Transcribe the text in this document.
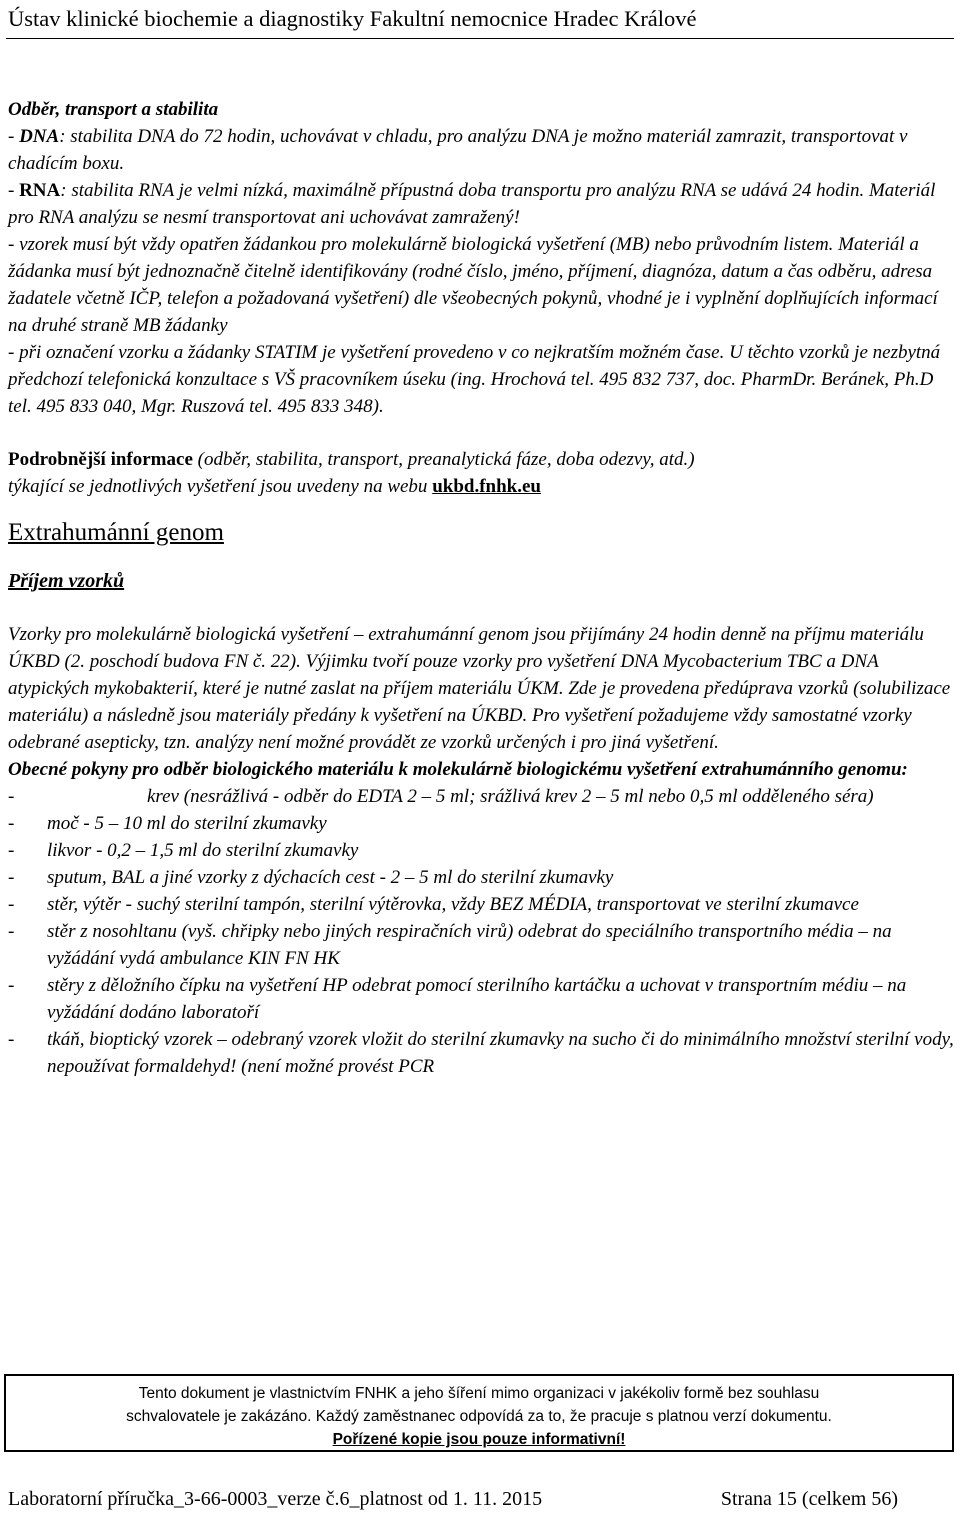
Ústav klinické biochemie a diagnostiky Fakultní nemocnice Hradec Králové

Odběr, transport a stabilita

- DNA: stabilita DNA do 72 hodin, uchovávat v chladu, pro analýzu DNA je možno materiál zamrazit, transportovat v chadícím boxu.

- RNA: stabilita RNA je velmi nízká, maximálně přípustná doba transportu pro analýzu RNA se udává 24 hodin. Materiál pro RNA analýzu se nesmí transportovat ani uchovávat zamražený!

- vzorek musí být vždy opatřen žádankou pro molekulárně biologická vyšetření (MB) nebo průvodním listem. Materiál a žádanka musí být jednoznačně čitelně identifikovány (rodné číslo, jméno, příjmení, diagnóza, datum a čas odběru, adresa žadatele včetně IČP, telefon a požadovaná vyšetření) dle všeobecných pokynů, vhodné je i vyplnění doplňujících informací na druhé straně MB žádanky

- při označení vzorku a žádanky STATIM je vyšetření provedeno v co nejkratším možném čase. U těchto vzorků je nezbytná předchozí telefonická konzultace s VŠ pracovníkem úseku (ing. Hrochová tel. 495 832 737, doc. PharmDr. Beránek, Ph.D tel. 495 833 040, Mgr. Ruszová tel. 495 833 348).

Podrobnější informace (odběr, stabilita, transport, preanalytická fáze, doba odezvy, atd.)
týkající se jednotlivých vyšetření jsou uvedeny na webu ukbd.fnhk.eu

Extrahumánní genom
Příjem vzorků

Vzorky pro molekulárně biologická vyšetření – extrahumánní genom jsou přijímány 24 hodin denně na příjmu materiálu ÚKBD (2. poschodí budova FN č. 22). Výjimku tvoří pouze vzorky pro vyšetření DNA Mycobacterium TBC a DNA atypických mykobakterií, které je nutné zaslat na příjem materiálu ÚKM. Zde je provedena předúprava vzorků (solubilizace materiálu) a následně jsou materiály předány k vyšetření na ÚKBD. Pro vyšetření požadujeme vždy samostatné vzorky odebrané asepticky, tzn. analýzy není možné provádět ze vzorků určených i pro jiná vyšetření.

Obecné pokyny pro odběr biologického materiálu k molekulárně biologickému vyšetření extrahumánního genomu:

-	krev (nesrážlivá - odběr do EDTA 2 – 5 ml; srážlivá krev 2 – 5 ml nebo 0,5 ml odděleného séra)
- moč - 5 – 10 ml do sterilní zkumavky
- likvor - 0,2 – 1,5 ml do sterilní zkumavky
- sputum, BAL a jiné vzorky z dýchacích cest - 2 – 5 ml do sterilní zkumavky
- stěr, výtěr - suchý sterilní tampón, sterilní výtěrovka, vždy BEZ MÉDIA, transportovat ve sterilní zkumavce
- stěr z nosohltanu (vyš. chřipky nebo jiných respiračních virů) odebrat do speciálního transportního média – na vyžádání vydá ambulance KIN FN HK
- stěry z děložního čípku na vyšetření HP odebrat pomocí sterilního kartáčku a uchovat v transportním médiu – na vyžádání dodáno laboratoří
- tkáň, bioptický vzorek – odebraný vzorek vložit do sterilní zkumavky na sucho či do minimálního množství sterilní vody, nepoužívat formaldehyd! (není možné provést PCR
Tento dokument je vlastnictvím FNHK a jeho šíření mimo organizaci v jakékoliv formě bez souhlasu
schvalovatele je zakázáno. Každý zaměstnanec odpovídá za to, že pracuje s platnou verzí dokumentu.
Pořízené kopie jsou pouze informativní!
Laboratorní příručka_3-66-0003_verze č.6_platnost od 1. 11. 2015	Strana 15 (celkem 56)
